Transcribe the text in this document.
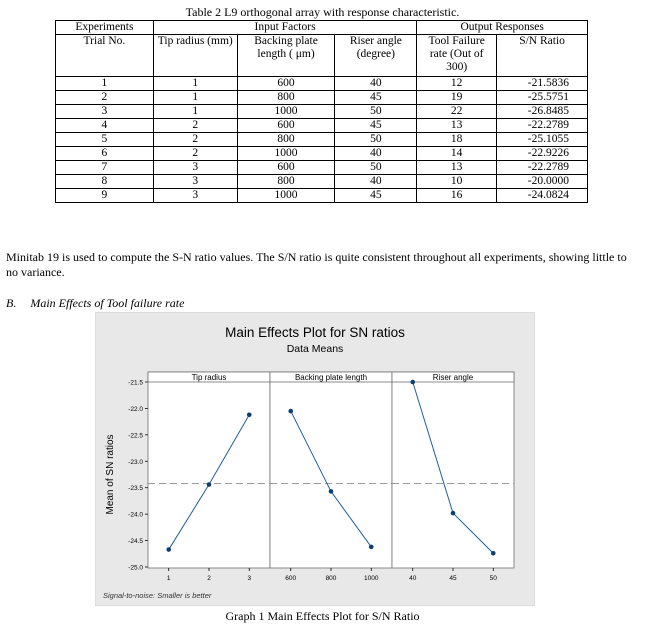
Table 2 L9 orthogonal array with response characteristic.
Experiments	Input Factors			Output Responses	
Trial No.	Tip radius (mm)	Backing plate length ( μm)	Riser angle (degree)	Tool Failure rate (Out of 300)	S/N Ratio
1	1	600	40	12	-21.5836
2	1	800	45	19	-25.5751
3	1	1000	50	22	-26.8485
4	2	600	45	13	-22.2789
5	2	800	50	18	-25.1055
6	2	1000	40	14	-22.9226
7	3	600	50	13	-22.2789
8	3	800	40	10	-20.0000
9	3	1000	45	16	-24.0824
Minitab 19 is used to compute the S-N ratio values. The S/N ratio is quite consistent throughout all experiments, showing little to no variance.
B. Main Effects of Tool failure rate
Main Effects Plot for SN ratios
Data Means
Mean of SN ratios
-21.5
-22.0
-22.5
-23.0
-23.5
-24.0
-24.5
-25.0
Tip radius
1	2	3
Backing plate length
600	800	1000
Riser angle
40	45	50
Signal-to-noise: Smaller is better
Graph 1 Main Effects Plot for S/N Ratio
